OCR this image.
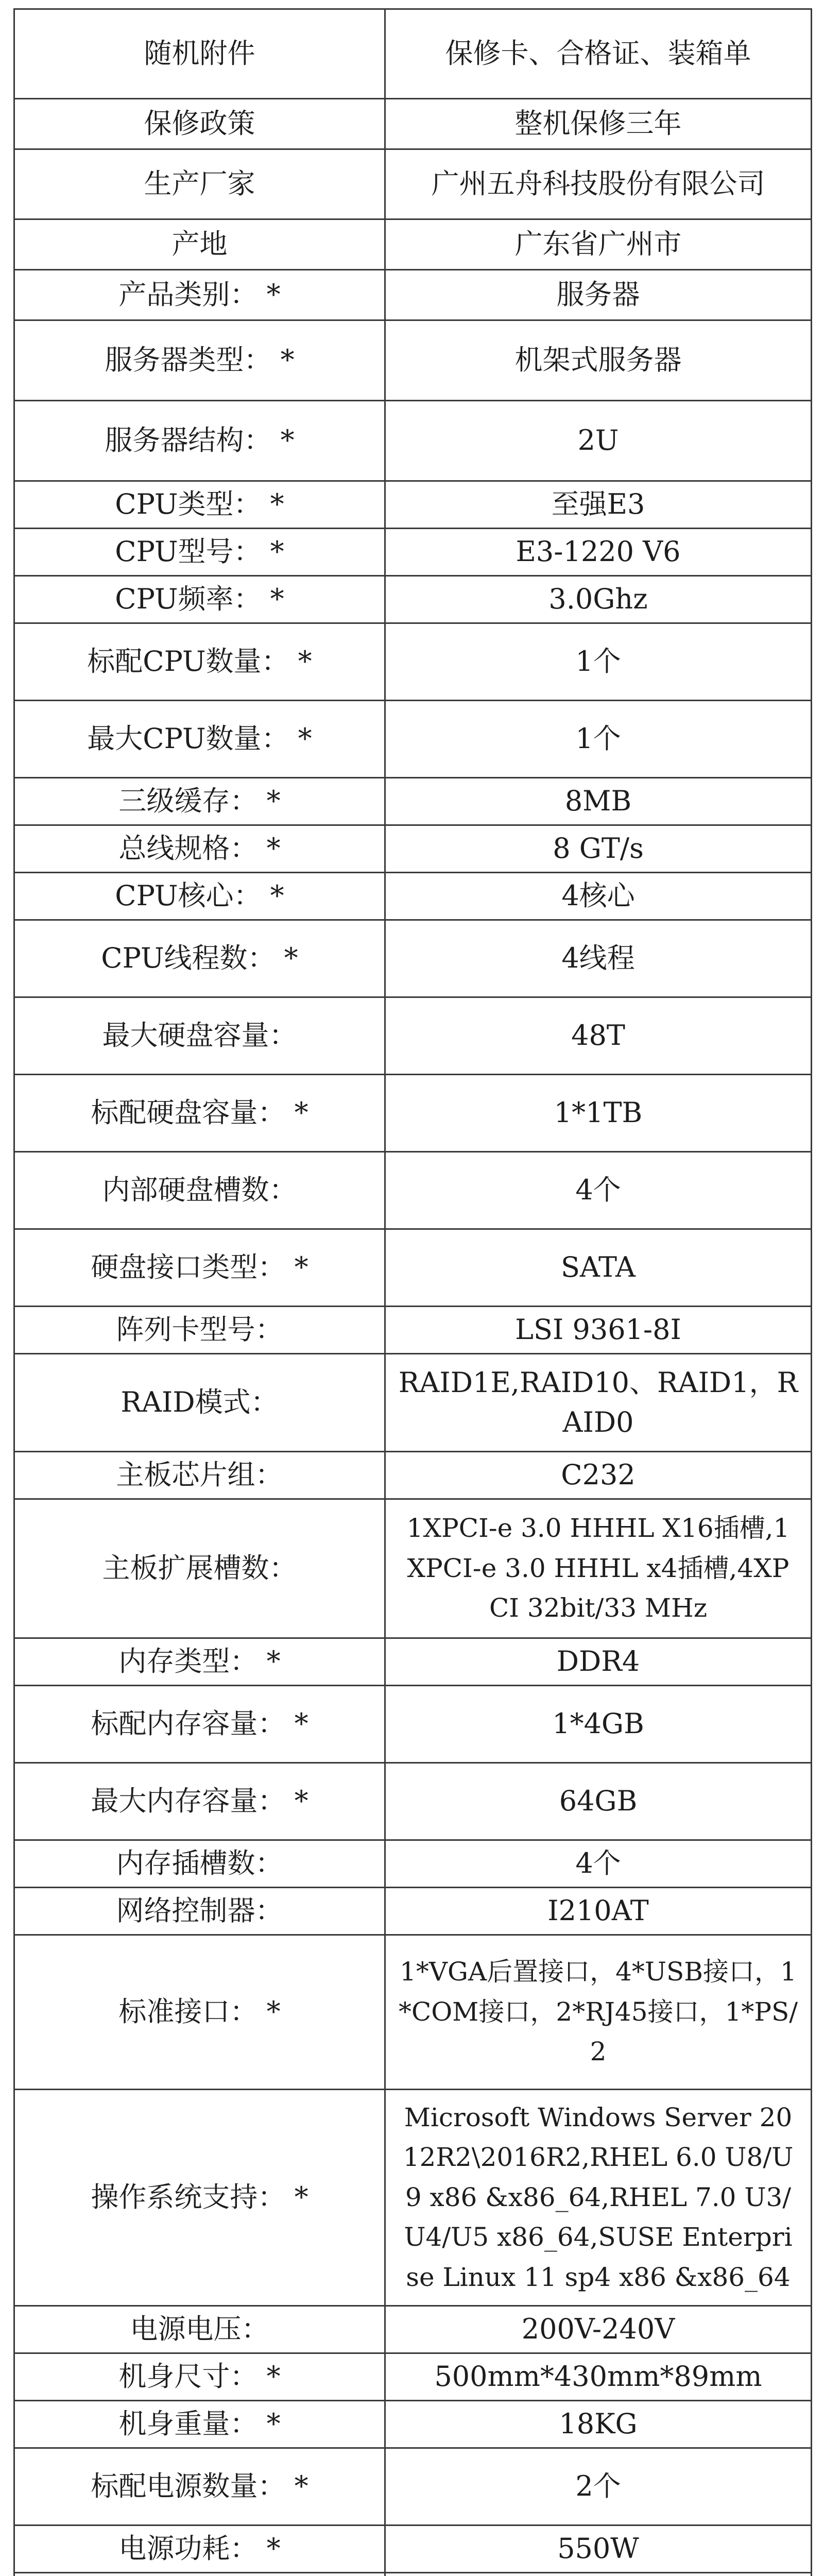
随机附件	保修卡、合格证、装箱单
保修政策	整机保修三年
生产厂家	广州五舟科技股份有限公司
产地	广东省广州市
产品类别： *	服务器
服务器类型： *	机架式服务器
服务器结构： *	2U
CPU类型： *	至强E3
CPU型号： *	E3-1220 V6
CPU频率： *	3.0Ghz
标配CPU数量： *	1个
最大CPU数量： *	1个
三级缓存： *	8MB
总线规格： *	8 GT/s
CPU核心： *	4核心
CPU线程数： *	4线程
最大硬盘容量：	48T
标配硬盘容量： *	1*1TB
内部硬盘槽数：	4个
硬盘接口类型： *	SATA
阵列卡型号：	LSI 9361-8I
RAID模式：	RAID1E,RAID10、RAID1，RAID0
主板芯片组：	C232
主板扩展槽数：	1XPCI-e 3.0 HHHL X16插槽,1XPCI-e 3.0 HHHL x4插槽,4XPCI 32bit/33 MHz
内存类型： *	DDR4
标配内存容量： *	1*4GB
最大内存容量： *	64GB
内存插槽数：	4个
网络控制器：	I210AT
标准接口： *	1*VGA后置接口，4*USB接口，1*COM接口，2*RJ45接口，1*PS/2
操作系统支持： *	Microsoft Windows Server 2012R2\2016R2,RHEL 6.0 U8/U9 x86 &x86_64,RHEL 7.0 U3/U4/U5 x86_64,SUSE Enterprise Linux 11 sp4 x86 &x86_64
电源电压：	200V-240V
机身尺寸： *	500mm*430mm*89mm
机身重量： *	18KG
标配电源数量： *	2个
电源功耗： *	550W
